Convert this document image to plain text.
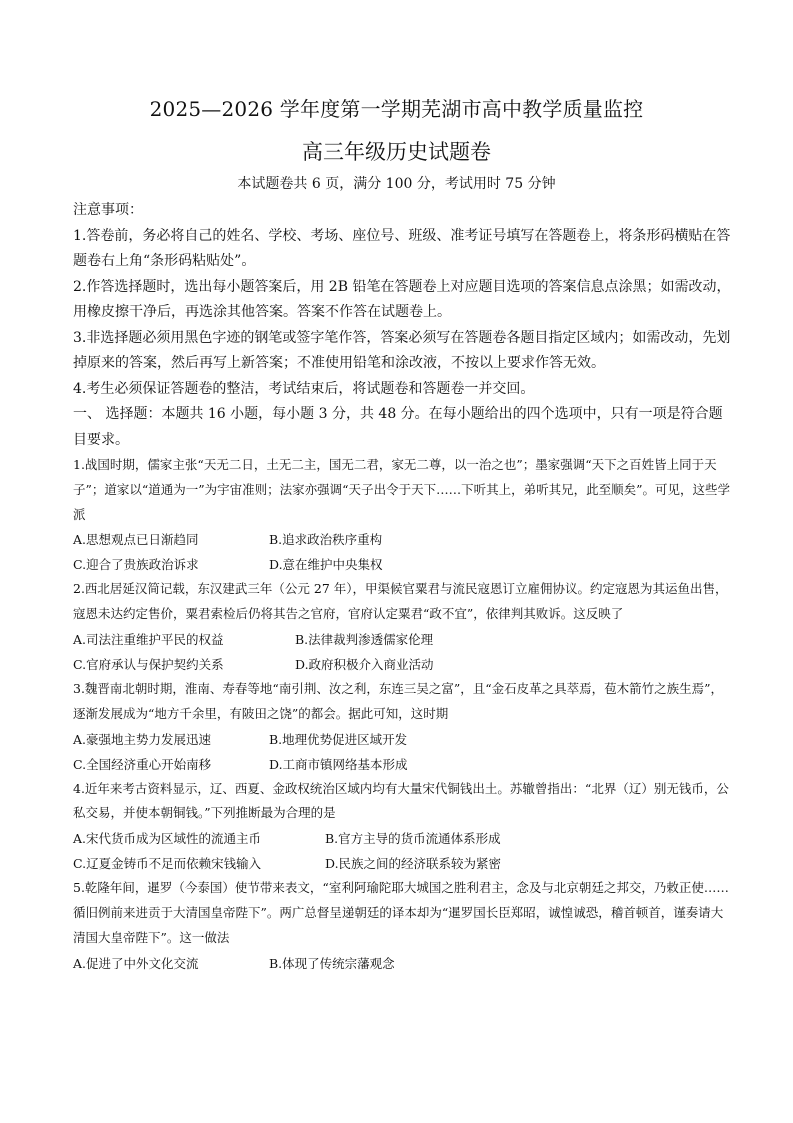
2025—2026 学年度第一学期芜湖市高中教学质量监控
高三年级历史试题卷
本试题卷共 6 页，满分 100 分，考试用时 75 分钟

注意事项：

1.答卷前，务必将自己的姓名、学校、考场、座位号、班级、准考证号填写在答题卷上，将条形码横贴在答题卷右上角“条形码粘贴处”。

2.作答选择题时，选出每小题答案后，用 2B 铅笔在答题卷上对应题目选项的答案信息点涂黑；如需改动，用橡皮擦干净后，再选涂其他答案。答案不作答在试题卷上。

3.非选择题必须用黑色字迹的钢笔或签字笔作答，答案必须写在答题卷各题目指定区域内；如需改动，先划掉原来的答案，然后再写上新答案；不准使用铅笔和涂改液，不按以上要求作答无效。

4.考生必须保证答题卷的整洁，考试结束后，将试题卷和答题卷一并交回。

一、 选择题：本题共 16 小题，每小题 3 分，共 48 分。在每小题给出的四个选项中，只有一项是符合题目要求。

1.战国时期，儒家主张“天无二日，土无二主，国无二君，家无二尊，以一治之也”；墨家强调“天下之百姓皆上同于天子”；道家以“道通为一”为宇宙准则；法家亦强调“天子出令于天下……下听其上，弟听其兄，此至顺矣”。可见，这些学派

A.思想观点已日渐趋同	B.追求政治秩序重构
C.迎合了贵族政治诉求	D.意在维护中央集权

2.西北居延汉简记载，东汉建武三年（公元 27 年），甲渠候官粟君与流民寇恩订立雇佣协议。约定寇恩为其运鱼出售，寇恩未达约定售价，粟君索检后仍将其告之官府，官府认定粟君“政不宜”，依律判其败诉。这反映了

A.司法注重维护平民的权益	B.法律裁判渗透儒家伦理
C.官府承认与保护契约关系	D.政府积极介入商业活动

3.魏晋南北朝时期，淮南、寿春等地“南引荆、汝之利，东连三吴之富”，且“金石皮革之具萃焉，苞木箭竹之族生焉”，逐渐发展成为“地方千余里，有陂田之饶”的都会。据此可知，这时期

A.豪强地主势力发展迅速	B.地理优势促进区域开发
C.全国经济重心开始南移	D.工商市镇网络基本形成

4.近年来考古资料显示，辽、西夏、金政权统治区域内均有大量宋代铜钱出土。苏辙曾指出：“北界（辽）别无钱币，公私交易，并使本朝铜钱。”下列推断最为合理的是

A.宋代货币成为区域性的流通主币	B.官方主导的货币流通体系形成
C.辽夏金铸币不足而依赖宋钱输入	D.民族之间的经济联系较为紧密

5.乾隆年间，暹罗（今泰国）使节带来表文，“室利阿瑜陀耶大城国之胜利君主，念及与北京朝廷之邦交，乃敕正使……循旧例前来进贡于大清国皇帝陛下”。两广总督呈递朝廷的译本却为“暹罗国长臣郑昭，诚惶诚恐，稽首顿首，谨奏请大清国大皇帝陛下”。这一做法

A.促进了中外文化交流	B.体现了传统宗藩观念
